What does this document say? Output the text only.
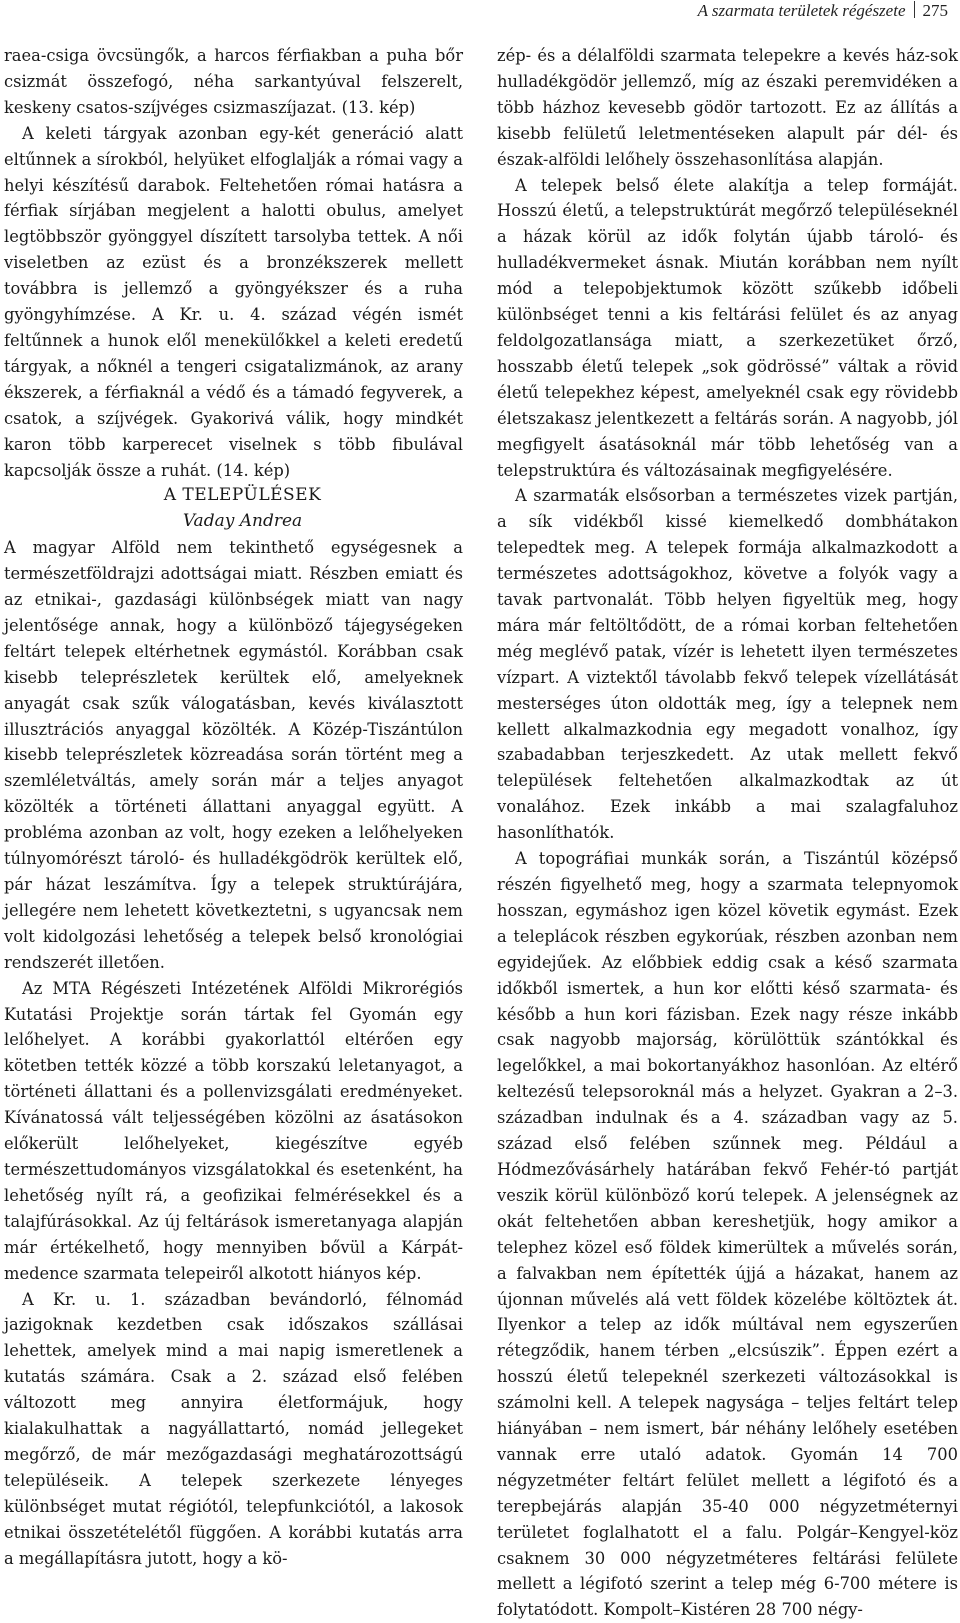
A szarmata területek régészete 275

raea-csiga övcsüngők, a harcos férfiakban a puha bőr csizmát összefogó, néha sarkantyúval felszerelt, keskeny csatos-szíjvéges csizmaszíjazat. (13. kép)

A keleti tárgyak azonban egy-két generáció alatt eltűnnek a sírokból, helyüket elfoglalják a római vagy a helyi készítésű darabok. Feltehetően római hatásra a férfiak sírjában megjelent a halotti obulus, amelyet legtöbbször gyönggyel díszített tarsolyba tettek. A női viseletben az ezüst és a bronzékszerek mellett továbbra is jellemző a gyöngyékszer és a ruha gyöngyhímzése. A Kr. u. 4. század végén ismét feltűnnek a hunok elől menekülőkkel a keleti eredetű tárgyak, a nőknél a tengeri csigatalizmánok, az arany ékszerek, a férfiaknál a védő és a támadó fegyverek, a csatok, a szíjvégek. Gyakorivá válik, hogy mindkét karon több karperecet viselnek s több fibulával kapcsolják össze a ruhát. (14. kép)

A TELEPÜLÉSEK

Vaday Andrea

A magyar Alföld nem tekinthető egységesnek a természetföldrajzi adottságai miatt. Részben emiatt és az etnikai-, gazdasági különbségek miatt van nagy jelentősége annak, hogy a különböző tájegységeken feltárt telepek eltérhetnek egymástól. Korábban csak kisebb teleprészletek kerültek elő, amelyeknek anyagát csak szűk válogatásban, kevés kiválasztott illusztrációs anyaggal közölték. A Közép-Tiszántúlon kisebb teleprészletek közreadása során történt meg a szemléletváltás, amely során már a teljes anyagot közölték a történeti állattani anyaggal együtt. A probléma azonban az volt, hogy ezeken a lelőhelyeken túlnyomórészt tároló- és hulladékgödrök kerültek elő, pár házat leszámítva. Így a telepek struktúrájára, jellegére nem lehetett következtetni, s ugyancsak nem volt kidolgozási lehetőség a telepek belső kronológiai rendszerét illetően.

Az MTA Régészeti Intézetének Alföldi Mikrorégiós Kutatási Projektje során tártak fel Gyomán egy lelőhelyet. A korábbi gyakorlattól eltérően egy kötetben tették közzé a több korszakú leletanyagot, a történeti állattani és a pollenvizsgálati eredményeket. Kívánatossá vált teljességében közölni az ásatásokon előkerült lelőhelyeket, kiegészítve egyéb természettudományos vizsgálatokkal és esetenként, ha lehetőség nyílt rá, a geofizikai felmérésekkel és a talajfúrásokkal. Az új feltárások ismeretanyaga alapján már értékelhető, hogy mennyiben bővül a Kárpát-medence szarmata telepeiről alkotott hiányos kép.

A Kr. u. 1. században bevándorló, félnomád jazigoknak kezdetben csak időszakos szállásai lehettek, amelyek mind a mai napig ismeretlenek a kutatás számára. Csak a 2. század első felében változott meg annyira életformájuk, hogy kialakulhattak a nagyállattartó, nomád jellegeket megőrző, de már mezőgazdasági meghatározottságú településeik. A telepek szerkezete lényeges különbséget mutat régiótól, telepfunkciótól, a lakosok etnikai összetételétől függően. A korábbi kutatás arra a megállapításra jutott, hogy a kö-

zép- és a délalföldi szarmata telepekre a kevés ház-sok hulladékgödör jellemző, míg az északi peremvidéken a több házhoz kevesebb gödör tartozott. Ez az állítás a kisebb felületű leletmentéseken alapult pár dél- és észak-alföldi lelőhely összehasonlítása alapján.

A telepek belső élete alakítja a telep formáját. Hosszú életű, a telepstruktúrát megőrző településeknél a házak körül az idők folytán újabb tároló- és hulladékvermeket ásnak. Miután korábban nem nyílt mód a telepobjektumok között szűkebb időbeli különbséget tenni a kis feltárási felület és az anyag feldolgozatlansága miatt, a szerkezetüket őrző, hosszabb életű telepek „sok gödrössé” váltak a rövid életű telepekhez képest, amelyeknél csak egy rövidebb életszakasz jelentkezett a feltárás során. A nagyobb, jól megfigyelt ásatásoknál már több lehetőség van a telepstruktúra és változásainak megfigyelésére.

A szarmaták elsősorban a természetes vizek partján, a sík vidékből kissé kiemelkedő dombhátakon telepedtek meg. A telepek formája alkalmazkodott a természetes adottságokhoz, követve a folyók vagy a tavak partvonalát. Több helyen figyeltük meg, hogy mára már feltöltődött, de a római korban feltehetően még meglévő patak, vízér is lehetett ilyen természetes vízpart. A viztektől távolabb fekvő telepek vízellátását mesterséges úton oldották meg, így a telepnek nem kellett alkalmazkodnia egy megadott vonalhoz, így szabadabban terjeszkedett. Az utak mellett fekvő települések feltehetően alkalmazkodtak az út vonalához. Ezek inkább a mai szalagfaluhoz hasonlíthatók.

A topográfiai munkák során, a Tiszántúl középső részén figyelhető meg, hogy a szarmata telepnyomok hosszan, egymáshoz igen közel követik egymást. Ezek a teleplácok részben egykorúak, részben azonban nem egyidejűek. Az előbbiek eddig csak a késő szarmata időkből ismertek, a hun kor előtti késő szarmata- és később a hun kori fázisban. Ezek nagy része inkább csak nagyobb majorság, körülöttük szántókkal és legelőkkel, a mai bokortanyákhoz hasonlóan. Az eltérő keltezésű telepsoroknál más a helyzet. Gyakran a 2–3. században indulnak és a 4. században vagy az 5. század első felében szűnnek meg. Például a Hódmezővásárhely határában fekvő Fehér-tó partját veszik körül különböző korú telepek. A jelenségnek az okát feltehetően abban kereshetjük, hogy amikor a telephez közel eső földek kimerültek a művelés során, a falvakban nem építették újjá a házakat, hanem az újonnan művelés alá vett földek közelébe költöztek át. Ilyenkor a telep az idők múltával nem egyszerűen rétegződik, hanem térben „elcsúszik”. Éppen ezért a hosszú életű telepeknél szerkezeti változásokkal is számolni kell. A telepek nagysága – teljes feltárt telep hiányában – nem ismert, bár néhány lelőhely esetében vannak erre utaló adatok. Gyomán 14 700 négyzetméter feltárt felület mellett a légifotó és a terepbejárás alapján 35-40 000 négyzetméternyi területet foglalhatott el a falu. Polgár–Kengyel-köz csaknem 30 000 négyzetméteres feltárási felülete mellett a légifotó szerint a telep még 6-700 métere is folytatódott. Kompolt–Kistéren 28 700 négy-
